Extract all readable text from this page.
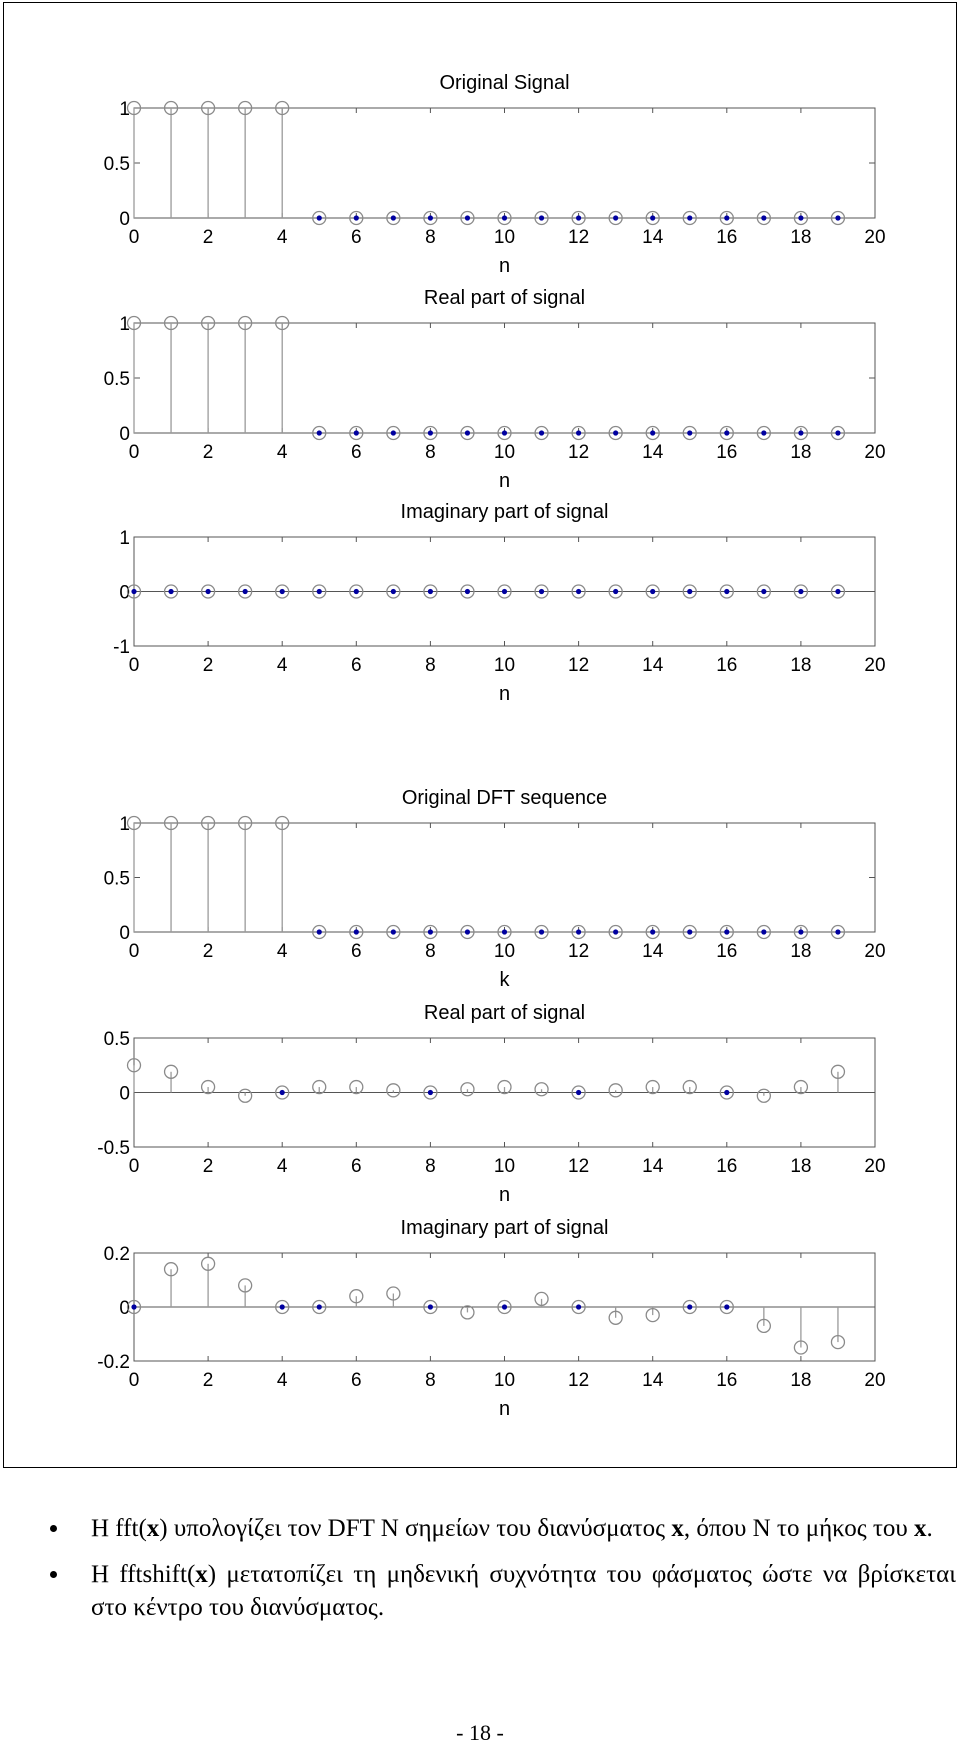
0
0.5
1
0	2	4	6	8	10	12	14	16	18	20
Original Signal
n
0
0.5
1
0	2	4	6	8	10	12	14	16	18	20
Real part of signal
n
-1
0
1
0	2	4	6	8	10	12	14	16	18	20
Imaginary part of signal
n
0
0.5
1
0	2	4	6	8	10	12	14	16	18	20
Original DFT sequence
k
-0.5
0
0.5
0	2	4	6	8	10	12	14	16	18	20
Real part of signal
n
-0.2
0
0.2
0	2	4	6	8	10	12	14	16	18	20
Imaginary part of signal
n
Η fft(x) υπολογίζει τον DFT N σημείων του διανύσματος x, όπου N το μήκος του x.
Η fftshift(x) μετατοπίζει τη μηδενική συχνότητα του φάσματος ώστε να βρίσκεται στο κέντρο του διανύσματος.
- 18 -
